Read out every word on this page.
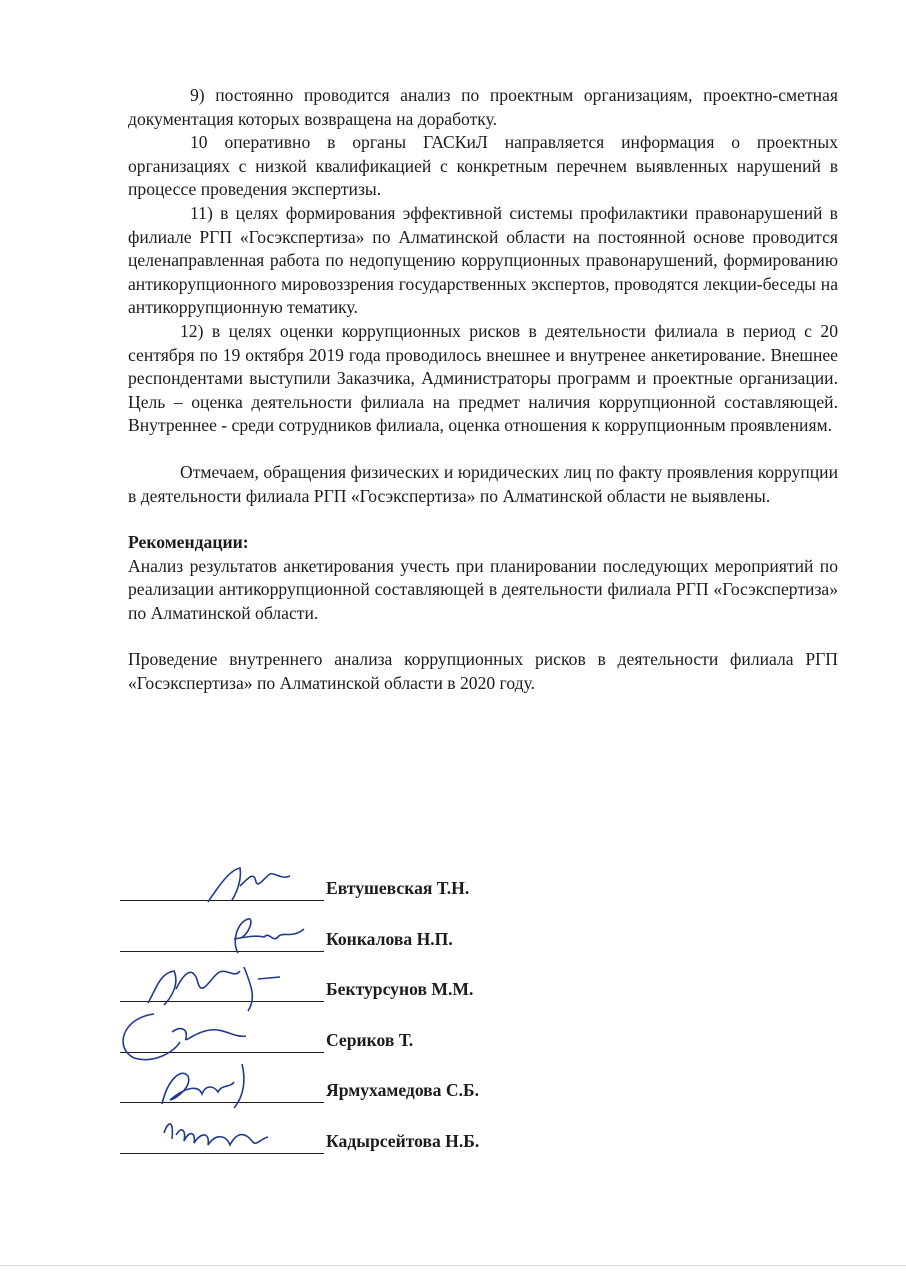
9) постоянно проводится анализ по проектным организациям, проектно-сметная документация которых возвращена на доработку.

10 оперативно в органы ГАСКиЛ направляется информация о проектных организациях с низкой квалификацией с конкретным перечнем выявленных нарушений в процессе проведения экспертизы.

11) в целях формирования эффективной системы профилактики правонарушений в филиале РГП «Госэкспертиза» по Алматинской области на постоянной основе проводится целенаправленная работа по недопущению коррупционных правонарушений, формированию антикорупционного мировоззрения государственных экспертов, проводятся лекции-беседы на антикоррупционную тематику.

12) в целях оценки коррупционных рисков в деятельности филиала в период с 20 сентября по 19 октября 2019 года проводилось внешнее и внутренее анкетирование. Внешнее респондентами выступили Заказчика, Администраторы программ и проектные организации. Цель – оценка деятельности филиала на предмет наличия коррупционной составляющей. Внутреннее - среди сотрудников филиала, оценка отношения к коррупционным проявлениям.

Отмечаем, обращения физических и юридических лиц по факту проявления коррупции в деятельности филиала РГП «Госэкспертиза» по Алматинской области не выявлены.

Рекомендации:

Анализ результатов анкетирования учесть при планировании последующих мероприятий по реализации антикоррупционной составляющей в деятельности филиала РГП «Госэкспертиза» по Алматинской области.

Проведение внутреннего анализа коррупционных рисков в деятельности филиала РГП «Госэкспертиза» по Алматинской области в 2020 году.

Евтушевская Т.Н.
Конкалова Н.П.
Бектурсунов М.М.
Сериков Т.
Ярмухамедова С.Б.
Кадырсейтова Н.Б.
